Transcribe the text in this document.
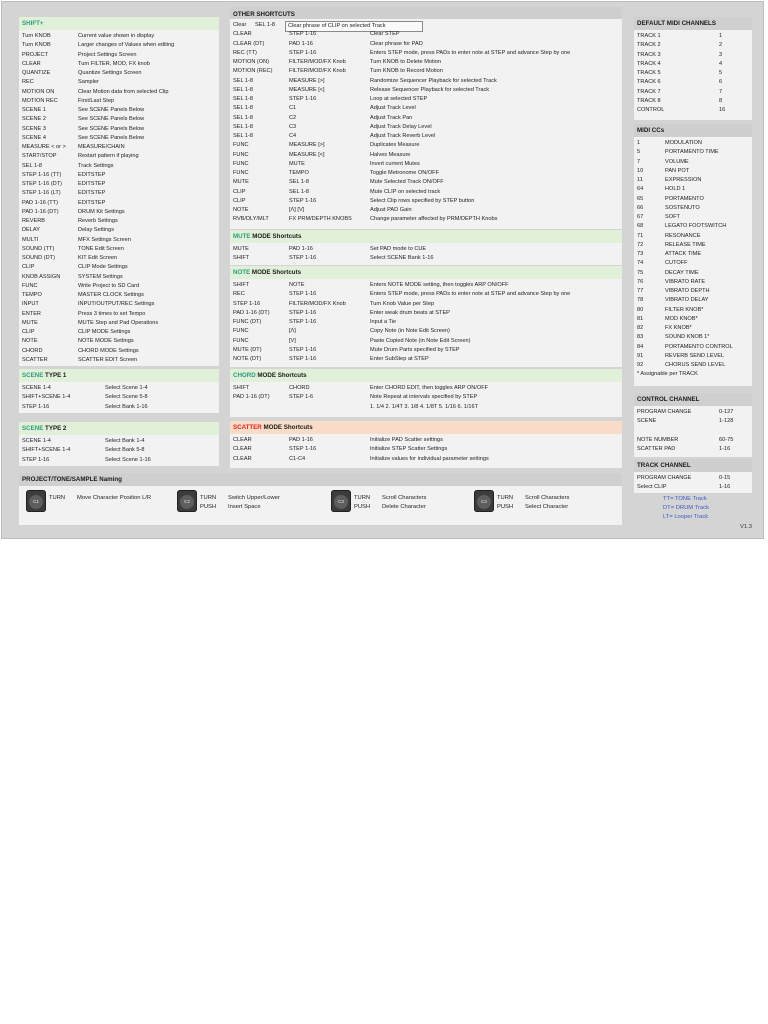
SHIFT+
Turn KNOB	Current value shown in display
Turn KNOB	Larger changes of Values when editing
PROJECT	Project Settings Screen
CLEAR	Turn FILTER, MOD, FX knob
QUANTIZE	Quantize Settings Screen
REC	Sampler
MOTION ON	Clear Motion data from selected Clip
MOTION REC	First/Last Step
SCENE 1	See SCENE Panels Below
SCENE 2	See SCENE Panels Below
SCENE 3	See SCENE Panels Below
SCENE 4	See SCENE Panels Below
MEASURE < or > MEASURE/CHAIN
START/STOP	Restart pattern if playing
SEL 1-8	Track Settings
STEP 1-16 (TT)	EDITSTEP
STEP 1-16 (DT)	EDITSTEP
STEP 1-16 (LT)	EDITSTEP
PAD 1-16 (TT)	EDITSTEP
PAD 1-16 (DT)	DRUM Kit Settings
REVERB	Reverb Settings
DELAY	Delay Settings
MULTI	MFX Settings Screen
SOUND (TT)	TONE Edit Screen
SOUND (DT)	KIT Edit Screen
CLIP	CLIP Mode Settings
KNOB ASSIGN	SYSTEM Settings
FUNC	Write Project to SD Card
TEMPO	MASTER CLOCK Settings
INPUT	INPUT/OUTPUT/REC Settings
ENTER	Press 3 times to set Tempo
MUTE	MUTE Step and Pad Operations
CLIP	CLIP MODE Settings
NOTE	NOTE MODE Settings
CHORD	CHORD MODE Settings
SCATTER	SCATTER EDIT Screen
SCENE TYPE 1
SCENE 1-4	Select Scene 1-4
SHIFT+SCENE 1-4	Select Scene 5-8
STEP 1-16	Select Bank 1-16
SCENE TYPE 2
SCENE 1-4	Select Bank 1-4
SHIFT+SCENE 1-4	Select Bank 5-8
STEP 1-16	Select Scene 1-16
OTHER SHORTCUTS
Clear SEL 1-8	Clear phrase of CLIP on selected Track
CLEAR	STEP 1-16	Clear STEP
CLEAR (DT)	PAD 1-16	Clear phrase for PAD
REC (TT)	STEP 1-16	Enters STEP mode, press PADs to enter note at STEP and advance Step by one
MOTION (ON)	FILTER/MOD/FX Knob	Turn KNOB to Delete Motion
MOTION (REC)	FILTER/MOD/FX Knob	Turn KNOB to Record Motion
SEL 1-8	MEASURE [>]	Randomize Sequencer Playback for selected Track
SEL 1-8	MEASURE [<]	Release Sequencer Playback for selected Track
SEL 1-8	STEP 1-16	Loop at selected STEP
SEL 1-8	C1	Adjust Track Level
SEL 1-8	C2	Adjust Track Pan
SEL 1-8	C3	Adjust Track Delay Level
SEL 1-8	C4	Adjust Track Reverb Level
FUNC	MEASURE [>]	Duplicates Measure
FUNC	MEASURE [<]	Halves Measure
FUNC	MUTE	Invert current Mutes
FUNC	TEMPO	Toggle Metronome ON/OFF
MUTE	SEL 1-8	Mute Selected Track ON/OFF
CLIP	SEL 1-8	Mute CLIP on selected track
CLIP	STEP 1-16	Select Clip rows specified by STEP button
NOTE	[Λ] [V]	Adjust PAD Gain
RVB/DLY/MLT	FX PRM/DEPTH KNOBS	Change parameter affected by PRM/DEPTH Knobs
MUTE MODE Shortcuts
MUTE	PAD 1-16	Set PAD mode to CUE
SHIFT	STEP 1-16	Select SCENE Bank 1-16
NOTE MODE Shortcuts
SHIFT	NOTE	Enters NOTE MODE setting, then toggles ARP ON/OFF
REC	STEP 1-16	Enters STEP mode, press PADs to enter note at STEP and advance Step by one
STEP 1-16	FILTER/MOD/FX Knob	Turn Knob Value per Step
PAD 1-16 (DT)	STEP 1-16	Enter weak drum beats at STEP
FUNC (DT)	STEP 1-16	Input a Tie
FUNC	[Λ]	Copy Note (in Note Edit Screen)
FUNC	[V]	Paste Copied Note (in Note Edit Screen)
MUTE (DT)	STEP 1-16	Mute Drum Parts specified by STEP
NOTE (DT)	STEP 1-16	Enter SubStep at STEP
CHORD MODE Shortcuts
SHIFT	CHORD	Enter CHORD EDIT, then toggles ARP ON/OFF
PAD 1-16 (DT)	STEP 1-6	Note Repeat at intervals specified by STEP
1. 1/4 2. 1/4T 3. 1/8 4. 1/8T 5. 1/16 6. 1/16T
SCATTER MODE Shortcuts
CLEAR	PAD 1-16	Initialize PAD Scatter settings
CLEAR	STEP 1-16	Initialize STEP Scatter Settings
CLEAR	C1-C4	Initialize values for individual parameter settings
PROJECT/TONE/SAMPLE Naming
C1
TURN Move Character Position L/R
C2
TURN Switch Upper/Lower
PUSH Insert Space
C3
TURN Scroll Characters
PUSH Delete Character
C4
TURN Scroll Characters
PUSH Select Character
DEFAULT MIDI CHANNELS
TRACK 1	1
TRACK 2	2
TRACK 3	3
TRACK 4	4
TRACK 5	5
TRACK 6	6
TRACK 7	7
TRACK 8	8
CONTROL	16
MIDI CCs
1	MODULATION
5	PORTAMENTO TIME
7	VOLUME
10	PAN POT
11	EXPRESSION
64	HOLD 1
65	PORTAMENTO
66	SOSTENUTO
67	SOFT
68	LEGATO FOOTSWITCH
71	RESONANCE
72	RELEASE TIME
73	ATTACK TIME
74	CUTOFF
75	DECAY TIME
76	VIBRATO RATE
77	VIBRATO DEPTH
78	VIBRATO DELAY
80	FILTER KNOB*
81	MOD KNOB*
82	FX KNOB*
83	SOUND KNOB 1*
84	PORTAMENTO CONTROL
91	REVERB SEND LEVEL
92	CHORUS SEND LEVEL
* Assignable per TRACK
CONTROL CHANNEL
PROGRAM CHANGE	0-127
SCENE	1-128
NOTE NUMBER	60-75
SCATTER PAD	1-16
TRACK CHANNEL
PROGRAM CHANGE	0-15
Select CLIP	1-16
TT= TONE Track
DT= DRUM Track
LT= Looper Track
V1.3
